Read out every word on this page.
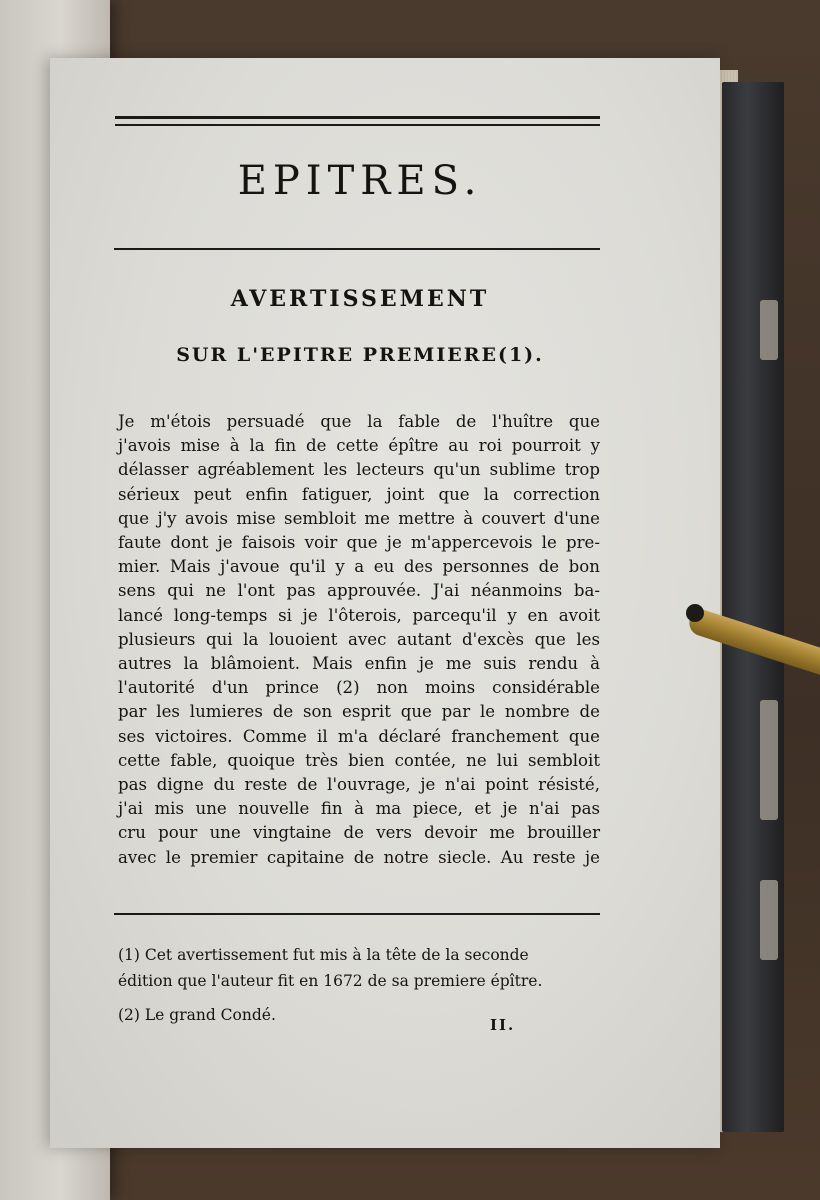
EPITRES.
AVERTISSEMENT
SUR L'EPITRE PREMIERE(1).
Je m'étois persuadé que la fable de l'huître que
j'avois mise à la fin de cette épître au roi pourroit y
délasser agréablement les lecteurs qu'un sublime trop
sérieux peut enfin fatiguer, joint que la correction
que j'y avois mise sembloit me mettre à couvert d'une
faute dont je faisois voir que je m'appercevois le pre-
mier. Mais j'avoue qu'il y a eu des personnes de bon
sens qui ne l'ont pas approuvée. J'ai néanmoins ba-
lancé long-temps si je l'ôterois, parcequ'il y en avoit
plusieurs qui la louoient avec autant d'excès que les
autres la blâmoient. Mais enfin je me suis rendu à
l'autorité d'un prince (2) non moins considérable
par les lumieres de son esprit que par le nombre de
ses victoires. Comme il m'a déclaré franchement que
cette fable, quoique très bien contée, ne lui sembloit
pas digne du reste de l'ouvrage, je n'ai point résisté,
j'ai mis une nouvelle fin à ma piece, et je n'ai pas
cru pour une vingtaine de vers devoir me brouiller
avec le premier capitaine de notre siecle. Au reste je
(1) Cet avertissement fut mis à la tête de la seconde
édition que l'auteur fit en 1672 de sa premiere épître.
(2) Le grand Condé.
II.
